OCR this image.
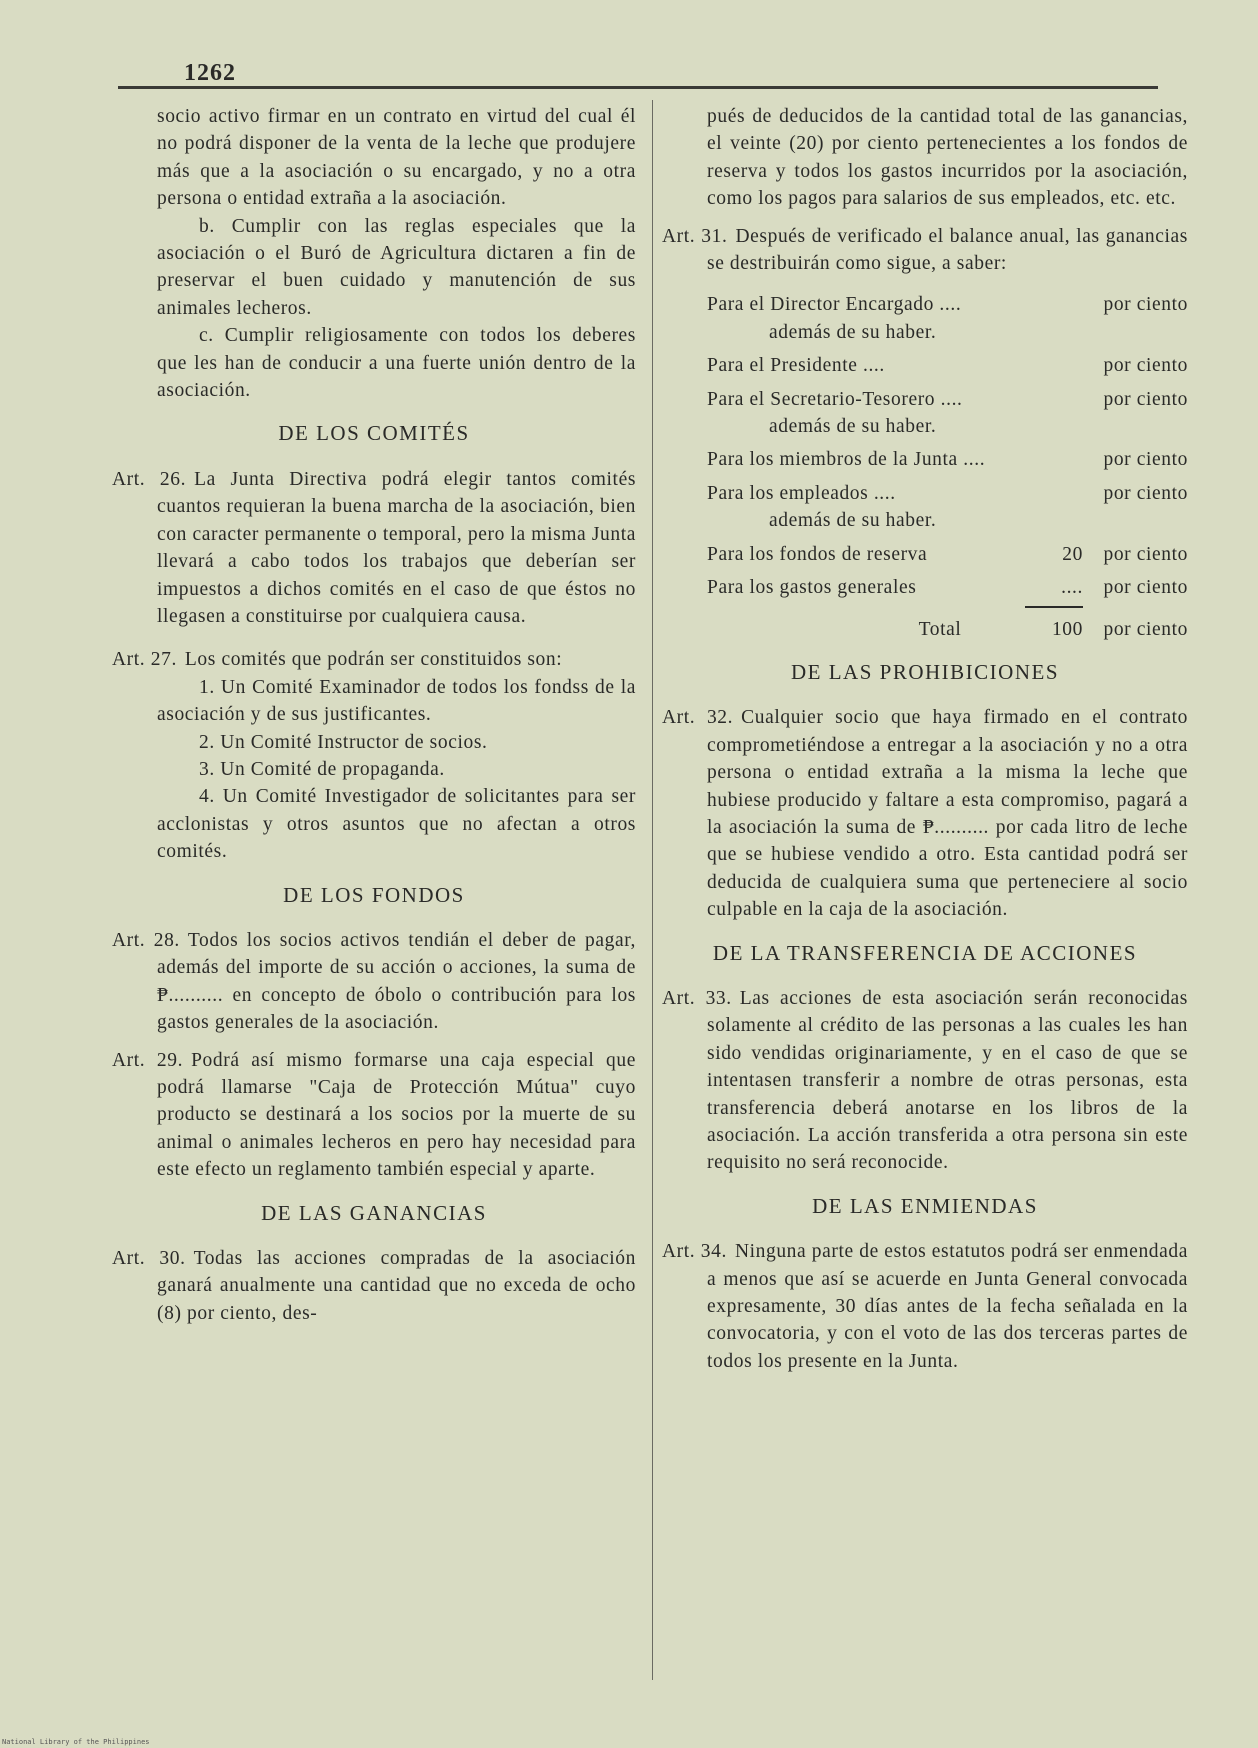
1262

socio activo firmar en un contrato en virtud del cual él no podrá disponer de la venta de la leche que produjere más que a la asociación o su encargado, y no a otra persona o entidad extraña a la asociación.

b. Cumplir con las reglas especiales que la asociación o el Buró de Agricultura dictaren a fin de preservar el buen cuidado y manutención de sus animales lecheros.

c. Cumplir religiosamente con todos los deberes que les han de conducir a una fuerte unión dentro de la asociación.

DE LOS COMITÉS
Art. 26. La Junta Directiva podrá elegir tantos comités cuantos requieran la buena marcha de la asociación, bien con caracter permanente o temporal, pero la misma Junta llevará a cabo todos los trabajos que deberían ser impuestos a dichos comités en el caso de que éstos no llegasen a constituirse por cualquiera causa.
Art. 27. Los comités que podrán ser constituidos son:

1. Un Comité Examinador de todos los fondss de la asociación y de sus justificantes.

2. Un Comité Instructor de socios.

3. Un Comité de propaganda.

4. Un Comité Investigador de solicitantes para ser acclonistas y otros asuntos que no afectan a otros comités.

DE LOS FONDOS
Art. 28. Todos los socios activos tendián el deber de pagar, además del importe de su acción o acciones, la suma de ₱.......... en concepto de óbolo o contribución para los gastos generales de la asociación.
Art. 29. Podrá así mismo formarse una caja especial que podrá llamarse "Caja de Protección Mútua" cuyo producto se destinará a los socios por la muerte de su animal o animales lecheros en pero hay necesidad para este efecto un reglamento también especial y aparte.
DE LAS GANANCIAS
Art. 30. Todas las acciones compradas de la asociación ganará anualmente una cantidad que no exceda de ocho (8) por ciento, des-

pués de deducidos de la cantidad total de las ganancias, el veinte (20) por ciento pertenecientes a los fondos de reserva y todos los gastos incurridos por la asociación, como los pagos para salarios de sus empleados, etc. etc.

Art. 31. Después de verificado el balance anual, las ganancias se destribuirán como sigue, a saber:
Para el Director Encargado ....	por ciento
además de su haber.
Para el Presidente ....	por ciento
Para el Secretario-Tesorero ....	por ciento
además de su haber.
Para los miembros de la Junta ....	por ciento
Para los empleados ....	por ciento
además de su haber.
Para los fondos de reserva	20	por ciento
Para los gastos generales	....	por ciento
Total	100	por ciento
DE LAS PROHIBICIONES
Art. 32. Cualquier socio que haya firmado en el contrato comprometiéndose a entregar a la asociación y no a otra persona o entidad extraña a la misma la leche que hubiese producido y faltare a esta compromiso, pagará a la asociación la suma de ₱.......... por cada litro de leche que se hubiese vendido a otro. Esta cantidad podrá ser deducida de cualquiera suma que perteneciere al socio culpable en la caja de la asociación.
DE LA TRANSFERENCIA DE ACCIONES
Art. 33. Las acciones de esta asociación serán reconocidas solamente al crédito de las personas a las cuales les han sido vendidas originariamente, y en el caso de que se intentasen transferir a nombre de otras personas, esta transferencia deberá anotarse en los libros de la asociación. La acción transferida a otra persona sin este requisito no será reconocide.
DE LAS ENMIENDAS
Art. 34. Ninguna parte de estos estatutos podrá ser enmendada a menos que así se acuerde en Junta General convocada expresamente, 30 días antes de la fecha señalada en la convocatoria, y con el voto de las dos terceras partes de todos los presente en la Junta.
National Library of the Philippines
